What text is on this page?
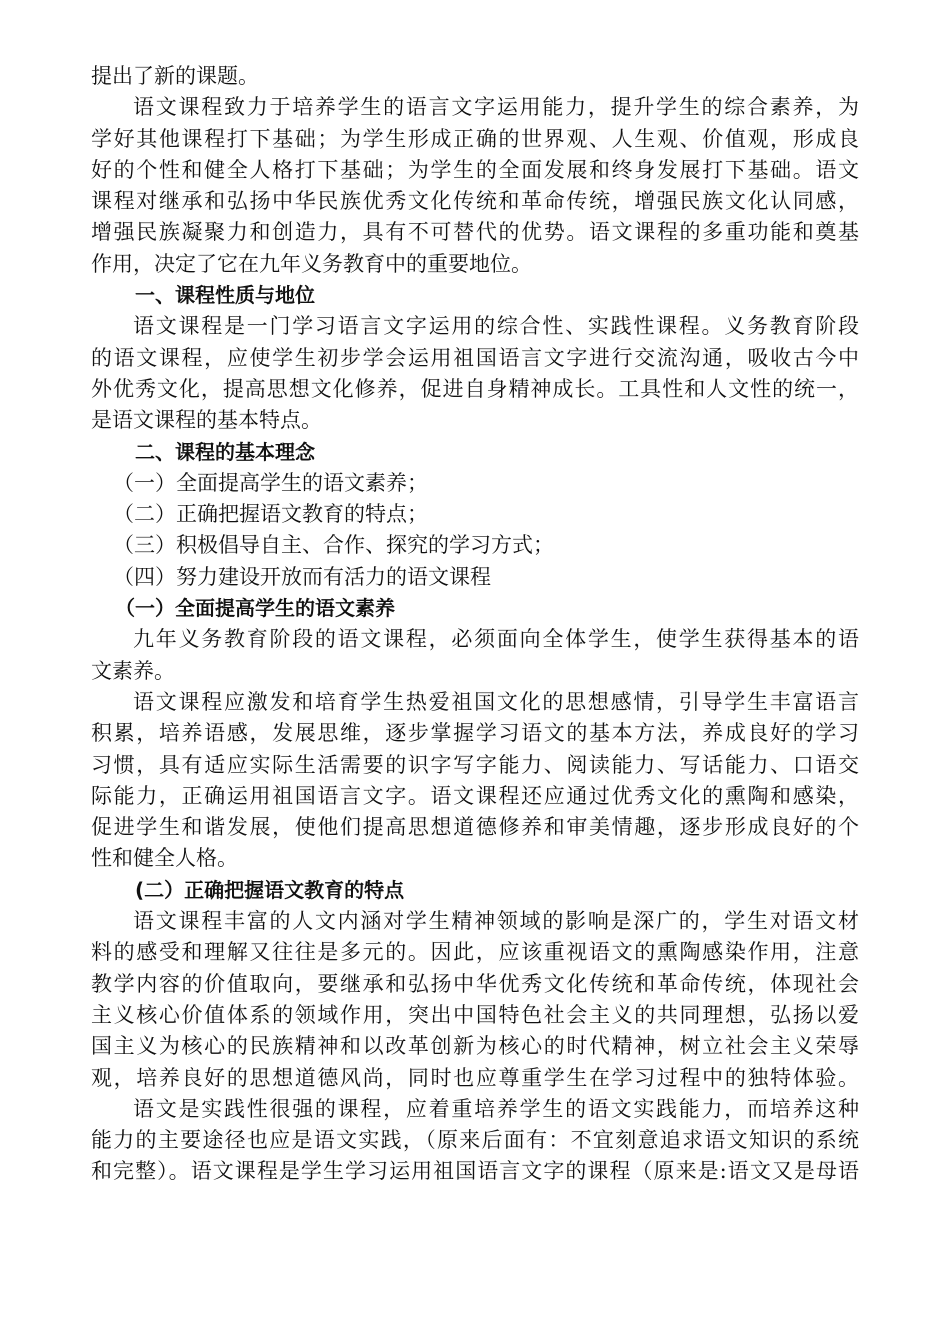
提出了新的课题。
语文课程致力于培养学生的语言文字运用能力，提升学生的综合素养，为
学好其他课程打下基础；为学生形成正确的世界观、人生观、价值观，形成良
好的个性和健全人格打下基础；为学生的全面发展和终身发展打下基础。语文
课程对继承和弘扬中华民族优秀文化传统和革命传统，增强民族文化认同感，
增强民族凝聚力和创造力，具有不可替代的优势。语文课程的多重功能和奠基
作用，决定了它在九年义务教育中的重要地位。
一、课程性质与地位
语文课程是一门学习语言文字运用的综合性、实践性课程。义务教育阶段
的语文课程，应使学生初步学会运用祖国语言文字进行交流沟通，吸收古今中
外优秀文化，提高思想文化修养，促进自身精神成长。工具性和人文性的统一，
是语文课程的基本特点。
二、课程的基本理念
（一）全面提高学生的语文素养；
（二）正确把握语文教育的特点；
（三）积极倡导自主、合作、探究的学习方式；
（四）努力建设开放而有活力的语文课程
（一）全面提高学生的语文素养
九年义务教育阶段的语文课程，必须面向全体学生，使学生获得基本的语
文素养。
语文课程应激发和培育学生热爱祖国文化的思想感情，引导学生丰富语言
积累，培养语感，发展思维，逐步掌握学习语文的基本方法，养成良好的学习
习惯，具有适应实际生活需要的识字写字能力、阅读能力、写话能力、口语交
际能力，正确运用祖国语言文字。语文课程还应通过优秀文化的熏陶和感染，
促进学生和谐发展，使他们提高思想道德修养和审美情趣，逐步形成良好的个
性和健全人格。
(二）正确把握语文教育的特点
语文课程丰富的人文内涵对学生精神领域的影响是深广的，学生对语文材
料的感受和理解又往往是多元的。因此，应该重视语文的熏陶感染作用，注意
教学内容的价值取向，要继承和弘扬中华优秀文化传统和革命传统，体现社会
主义核心价值体系的领域作用，突出中国特色社会主义的共同理想，弘扬以爱
国主义为核心的民族精神和以改革创新为核心的时代精神，树立社会主义荣辱
观，培养良好的思想道德风尚，同时也应尊重学生在学习过程中的独特体验。
语文是实践性很强的课程，应着重培养学生的语文实践能力，而培养这种
能力的主要途径也应是语文实践，（原来后面有：不宜刻意追求语文知识的系统
和完整）。语文课程是学生学习运用祖国语言文字的课程（原来是:语文又是母语
